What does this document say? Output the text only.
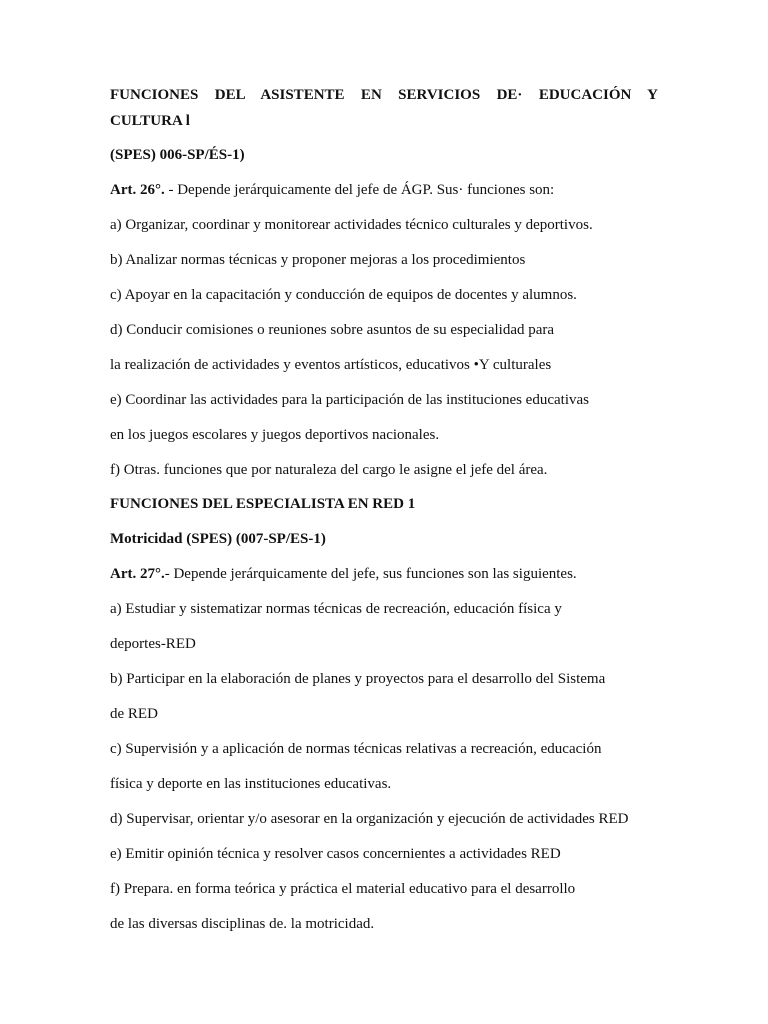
FUNCIONES DEL ASISTENTE EN SERVICIOS DE· EDUCACIÓN Y
CULTURA l
(SPES) 006-SP/ÉS-1)
Art. 26°. - Depende jerárquicamente del jefe de ÁGP. Sus· funciones son:
a) Organizar, coordinar y monitorear actividades técnico culturales y deportivos.
b) Analizar normas técnicas y proponer mejoras a los procedimientos
c) Apoyar en la capacitación y conducción de equipos de docentes y alumnos.
d) Conducir comisiones o reuniones sobre asuntos de su especialidad para
la realización de actividades y eventos artísticos, educativos •Y culturales
e) Coordinar las actividades para la participación de las instituciones educativas
en los juegos escolares y juegos deportivos nacionales.
f) Otras. funciones que por naturaleza del cargo le asigne el jefe del área.
FUNCIONES DEL ESPECIALISTA EN RED 1
Motricidad (SPES) (007-SP/ES-1)
Art. 27°.- Depende jerárquicamente del jefe, sus funciones son las siguientes.
a) Estudiar y sistematizar normas técnicas de recreación, educación física y
deportes-RED
b) Participar en la elaboración de planes y proyectos para el desarrollo del Sistema
de RED
c) Supervisión y a aplicación de normas técnicas relativas a recreación, educación
física y deporte en las instituciones educativas.
d) Supervisar, orientar y/o asesorar en la organización y ejecución de actividades RED
e) Emitir opinión técnica y resolver casos concernientes a actividades RED
f) Prepara. en forma teórica y práctica el material educativo para el desarrollo
de las diversas disciplinas de. la motricidad.
